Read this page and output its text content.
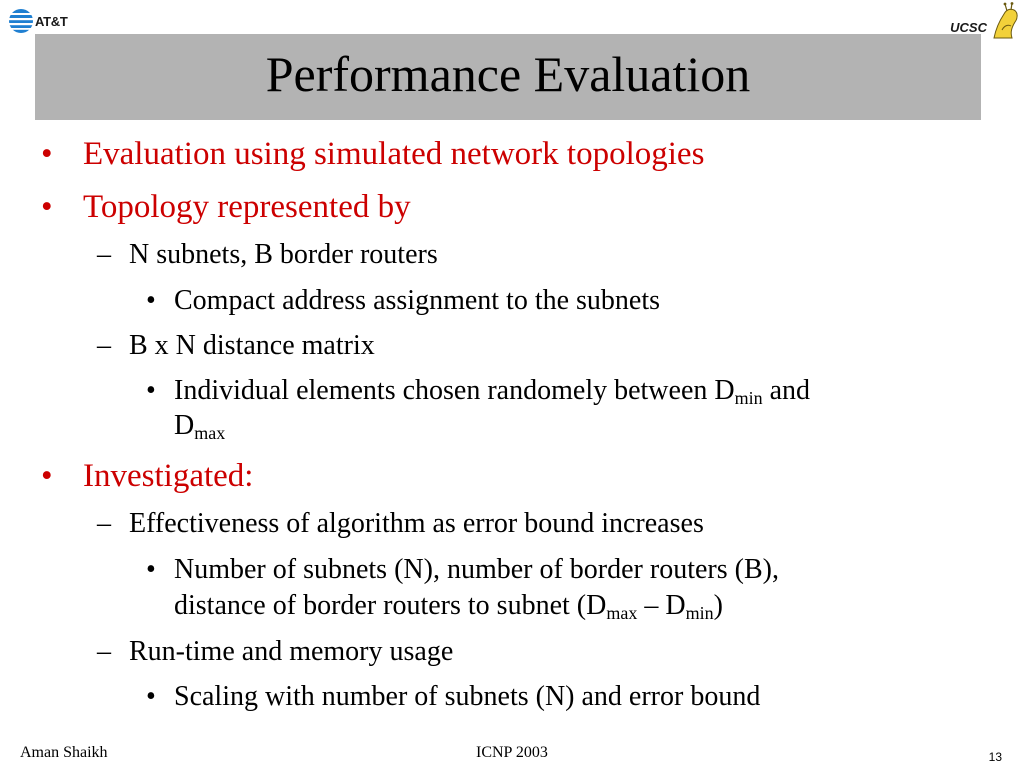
AT&T	UCSC
Performance Evaluation
• Evaluation using simulated network topologies
• Topology represented by
– N subnets, B border routers
• Compact address assignment to the subnets
– B x N distance matrix
• Individual elements chosen randomely between $D_{min}$ and
$D_{max}$
• Investigated:
– Effectiveness of algorithm as error bound increases
• Number of subnets (N), number of border routers (B),
distance of border routers to subnet $(D_{max} - D_{min})$
– Run-time and memory usage
• Scaling with number of subnets (N) and error bound
Aman Shaikh	ICNP 2003	13
